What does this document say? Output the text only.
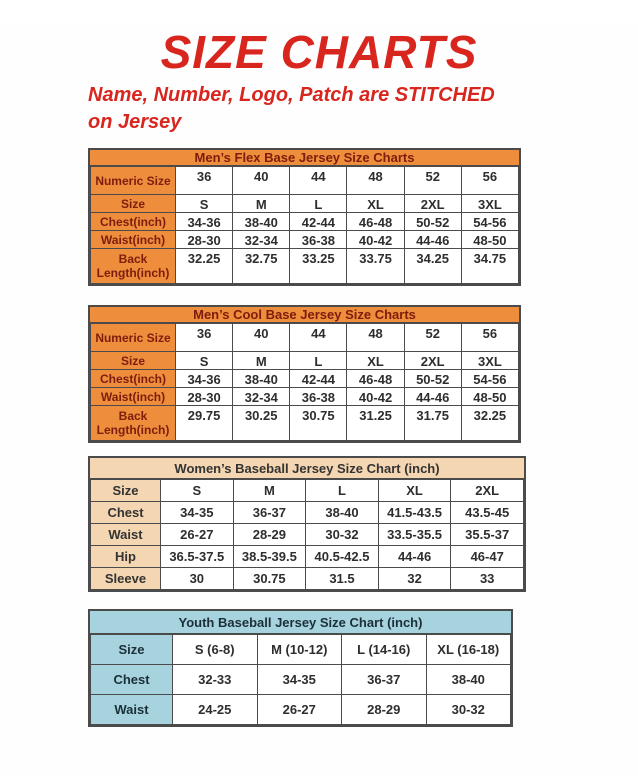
SIZE CHARTS

Name, Number, Logo, Patch are STITCHED
on Jersey

Men’s Flex Base Jersey Size Charts
Numeric Size	36	40	44	48	52	56
Size	S	M	L	XL	2XL	3XL
Chest(inch)	34-36	38-40	42-44	46-48	50-52	54-56
Waist(inch)	28-30	32-34	36-38	40-42	44-46	48-50
Back Length(inch)	32.25	32.75	33.25	33.75	34.25	34.75
Men’s Cool Base Jersey Size Charts
Numeric Size	36	40	44	48	52	56
Size	S	M	L	XL	2XL	3XL
Chest(inch)	34-36	38-40	42-44	46-48	50-52	54-56
Waist(inch)	28-30	32-34	36-38	40-42	44-46	48-50
Back Length(inch)	29.75	30.25	30.75	31.25	31.75	32.25
Women’s Baseball Jersey Size Chart (inch)
Size	S	M	L	XL	2XL
Chest	34-35	36-37	38-40	41.5-43.5	43.5-45
Waist	26-27	28-29	30-32	33.5-35.5	35.5-37
Hip	36.5-37.5	38.5-39.5	40.5-42.5	44-46	46-47
Sleeve	30	30.75	31.5	32	33
Youth Baseball Jersey Size Chart (inch)
Size	S (6-8)	M (10-12)	L (14-16)	XL (16-18)
Chest	32-33	34-35	36-37	38-40
Waist	24-25	26-27	28-29	30-32
